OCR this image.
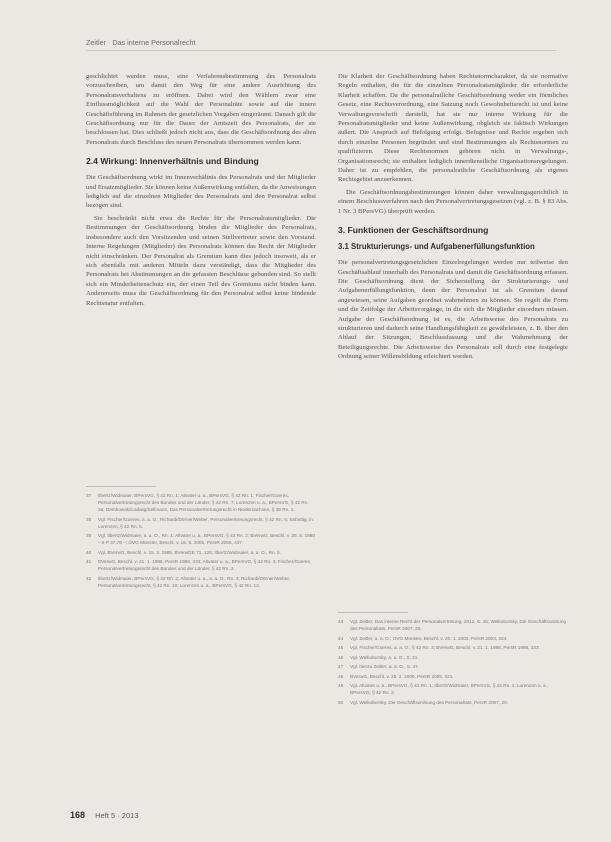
Zeitler · Das interne Personalrecht

geschlichtet werden muss, eine Verfahrensbestimmung des Personalrats vorzuschreiben, um damit den Weg für eine andere Ausrichtung des Personalratsverhaltens zu eröffnen. Dabei wird den Wählern zwar eine Einflussmöglichkeit auf die Wahl der Personalräte sowie auf die innere Geschäftsführung im Rahmen der gesetzlichen Vorgaben eingeräumt. Danach gilt die Geschäftsordnung nur für die Dauer der Amtszeit des Personalrats, der sie beschlossen hat. Dies schließt jedoch nicht aus, dass die Geschäftsordnung des alten Personalrats durch Beschluss des neuen Personalrats übernommen werden kann.

2.4 Wirkung: Innenverhältnis und Bindung

Die Geschäftsordnung wirkt im Innenverhältnis des Personalrats und der Mitglieder und Ersatzmitglieder. Sie können keine Außenwirkung entfalten, da die Anweisungen lediglich auf die einzelnen Mitglieder des Personalrats und den Personalrat selbst bezogen sind.

Sie beschränkt nicht etwa die Rechte für die Personalratsmitglieder. Die Bestimmungen der Geschäftsordnung binden die Mitglieder des Personalrats, insbesondere auch den Vorsitzenden und seinen Stellvertreter sowie den Vorstand. Interne Regelungen (Mitglieder) des Personalrats können das Recht der Mitglieder nicht einschränken. Der Personalrat als Gremium kann dies jedoch insoweit, als er sich ebenfalls mit anderen Mitteln dazu verständigt, dass die Mitglieder des Personalrats bei Abstimmungen an die gefassten Beschlüsse gebunden sind. So stellt sich ein Minderheitenschutz ein, der einen Teil des Gremiums nicht binden kann. Andererseits muss die Geschäftsordnung für den Personalrat selbst keine bindende Rechtsnatur entfalten.

Die Klarheit der Geschäftsordnung haben Rechtsnormcharakter, da sie normative Regeln enthalten, die für die einzelnen Personalratsmitglieder die erforderliche Klarheit schaffen. Da die personalratliche Geschäftsordnung weder ein förmliches Gesetz, eine Rechtsverordnung, eine Satzung noch Gewohnheitsrecht ist und keine Verwaltungsvorschrift darstellt, hat sie nur interne Wirkung für die Personalratsmitglieder und keine Außenwirkung, obgleich sie faktisch Wirkungen äußert. Die Anspruch auf Befolgung erfolgt. Befugnisse und Rechte ergeben sich durch einzelne Personen begründet und sind Bestimmungen als Rechtsnormen zu qualifizieren. Diese Rechtsnormen gehören nicht in Verwaltungs-, Organisationsrecht; sie enthalten lediglich innerdienstliche Organisationsregelungen. Daher ist zu empfehlen, die personalratliche Geschäftsordnung als eigenes Rechtsgebiet anzuerkennen.

Die Geschäftsordnungsbestimmungen können daher verwaltungsgerichtlich in einem Beschlussverfahren nach den Personalvertretungsgesetzen (vgl. z. B. § 83 Abs. 1 Nr. 3 BPersVG) überprüft werden.

3. Funktionen der Geschäftsordnung
3.1 Strukturierungs- und Aufgabenerfüllungsfunktion

Die personalvertretungsgesetzlichen Einzelregelungen werden nur teilweise den Geschäftsablauf innerhalb des Personalrats und damit die Geschäftsordnung erfassen. Die Geschäftsordnung dient der Sicherstellung der Strukturierungs- und Aufgabenerfüllungsfunktion, denn der Personalrat ist als Gremium darauf angewiesen, seine Aufgaben geordnet wahrnehmen zu können. Sie regelt die Form und die Zeitfolge der Arbeitsvorgänge, in die sich die Mitglieder einordnen müssen. Aufgabe der Geschäftsordnung ist es, die Arbeitsweise des Personalrats zu strukturieren und dadurch seine Handlungsfähigkeit zu gewährleisten, z. B. über den Ablauf der Sitzungen, Beschlussfassung und die Wahrnehmung der Beteiligungsrechte. Die Arbeitsweise des Personalrats soll durch eine festgelegte Ordnung seiner Willensbildung erleichtert werden.

37	Ilbertz/Widmaier, BPersVG, § 42 Rn. 1; Altvater u. a., BPersVG, § 42 Rn. 1; Fischer/Goeres, Personalvertretungsrecht des Bundes und der Länder, § 42 Rn. 7; Lorenzen u. a., BPersVG, § 42 Rn. 3a; Dembowski/Ladwig/Sellmann, Das Personalvertretungsrecht in Niedersachsen, § 39 Rn. 1.
38	Vgl. Fischer/Goeres, a. a. O.; Richardi/Dörner/Weber, Personalvertretungsrecht, § 42 Rn. 6; Sabottig, in: Lorenzen, § 42 Rn. 5.
39	Vgl. Ilbertz/Widmaier, a. a. O., Rn. 1; Altvater u. a., BPersVG, § 42 Rn. 2; BVerwG, Beschl. v. 25. 8. 1980 – 6 P 37.78 –; OVG Münster, Beschl. v. 16. 5. 2005, PersR 2005, 437.
40	Vgl. BVerwG, Beschl. v. 15. 3. 1985, BVerwGE 71, 126; Ilbertz/Widmaier, a. a. O., Rn. 5.
41	BVerwG, Beschl. v. 21. 1. 1998, PersR 1998, 333; Altvater u. a., BPersVG, § 42 Rn. 3; Fischer/Goeres, Personalvertretungsrecht des Bundes und der Länder, § 42 Rn. 2.
42	Ilbertz/Widmaier, BPersVG, § 42 Rn. 2; Altvater u. a., a. a. O., Rn. 3; Richardi/Dörner/Weber, Personalvertretungsrecht, § 42 Rn. 10; Lorenzen u. a., BPersVG, § 42 Rn. 13.
43	Vgl. Zeitler, Das interne Recht der Personalvertretung, 2012, S. 45; Welkoborsky, Die Geschäftsordnung des Personalrats, PersR 2007, 20.
44	Vgl. Zeitler, a. a. O.; OVG Münster, Beschl. v. 20. 1. 2003, PersR 2003, 324.
45	Vgl. Fischer/Goeres, a. a. O., § 42 Rn. 3; BVerwG, Beschl. v. 21. 1. 1998, PersR 1998, 333.
46	Vgl. Welkoborsky, a. a. O., S. 21.
47	Vgl. hierzu Zeitler, a. a. O., S. 47.
48	BVerwG, Beschl. v. 28. 2. 2005, PersR 2005, 321.
49	Vgl. Altvater u. a., BPersVG, § 42 Rn. 1; Ilbertz/Widmaier, BPersVG, § 42 Rn. 1; Lorenzen u. a., BPersVG, § 42 Rn. 2.
50	Vgl. Welkoborsky, Die Geschäftsordnung des Personalrats, PersR 2007, 20.
168 Heft 5 · 2013
